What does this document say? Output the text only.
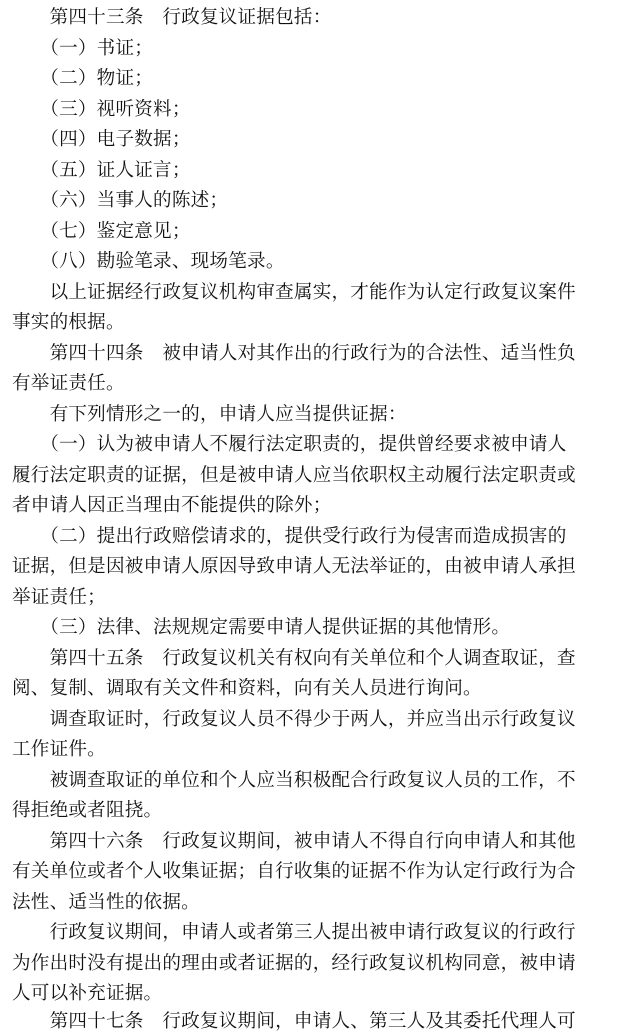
　　第四十三条　行政复议证据包括：
　　（一）书证；
　　（二）物证；
　　（三）视听资料；
　　（四）电子数据；
　　（五）证人证言；
　　（六）当事人的陈述；
　　（七）鉴定意见；
　　（八）勘验笔录、现场笔录。
　　以上证据经行政复议机构审查属实，才能作为认定行政复议案件
事实的根据。
　　第四十四条　被申请人对其作出的行政行为的合法性、适当性负
有举证责任。
　　有下列情形之一的，申请人应当提供证据：
　　（一）认为被申请人不履行法定职责的，提供曾经要求被申请人
履行法定职责的证据，但是被申请人应当依职权主动履行法定职责或
者申请人因正当理由不能提供的除外；
　　（二）提出行政赔偿请求的，提供受行政行为侵害而造成损害的
证据，但是因被申请人原因导致申请人无法举证的，由被申请人承担
举证责任；
　　（三）法律、法规规定需要申请人提供证据的其他情形。
　　第四十五条　行政复议机关有权向有关单位和个人调查取证，查
阅、复制、调取有关文件和资料，向有关人员进行询问。
　　调查取证时，行政复议人员不得少于两人，并应当出示行政复议
工作证件。
　　被调查取证的单位和个人应当积极配合行政复议人员的工作，不
得拒绝或者阻挠。
　　第四十六条　行政复议期间，被申请人不得自行向申请人和其他
有关单位或者个人收集证据；自行收集的证据不作为认定行政行为合
法性、适当性的依据。
　　行政复议期间，申请人或者第三人提出被申请行政复议的行政行
为作出时没有提出的理由或者证据的，经行政复议机构同意，被申请
人可以补充证据。
　　第四十七条　行政复议期间，申请人、第三人及其委托代理人可
